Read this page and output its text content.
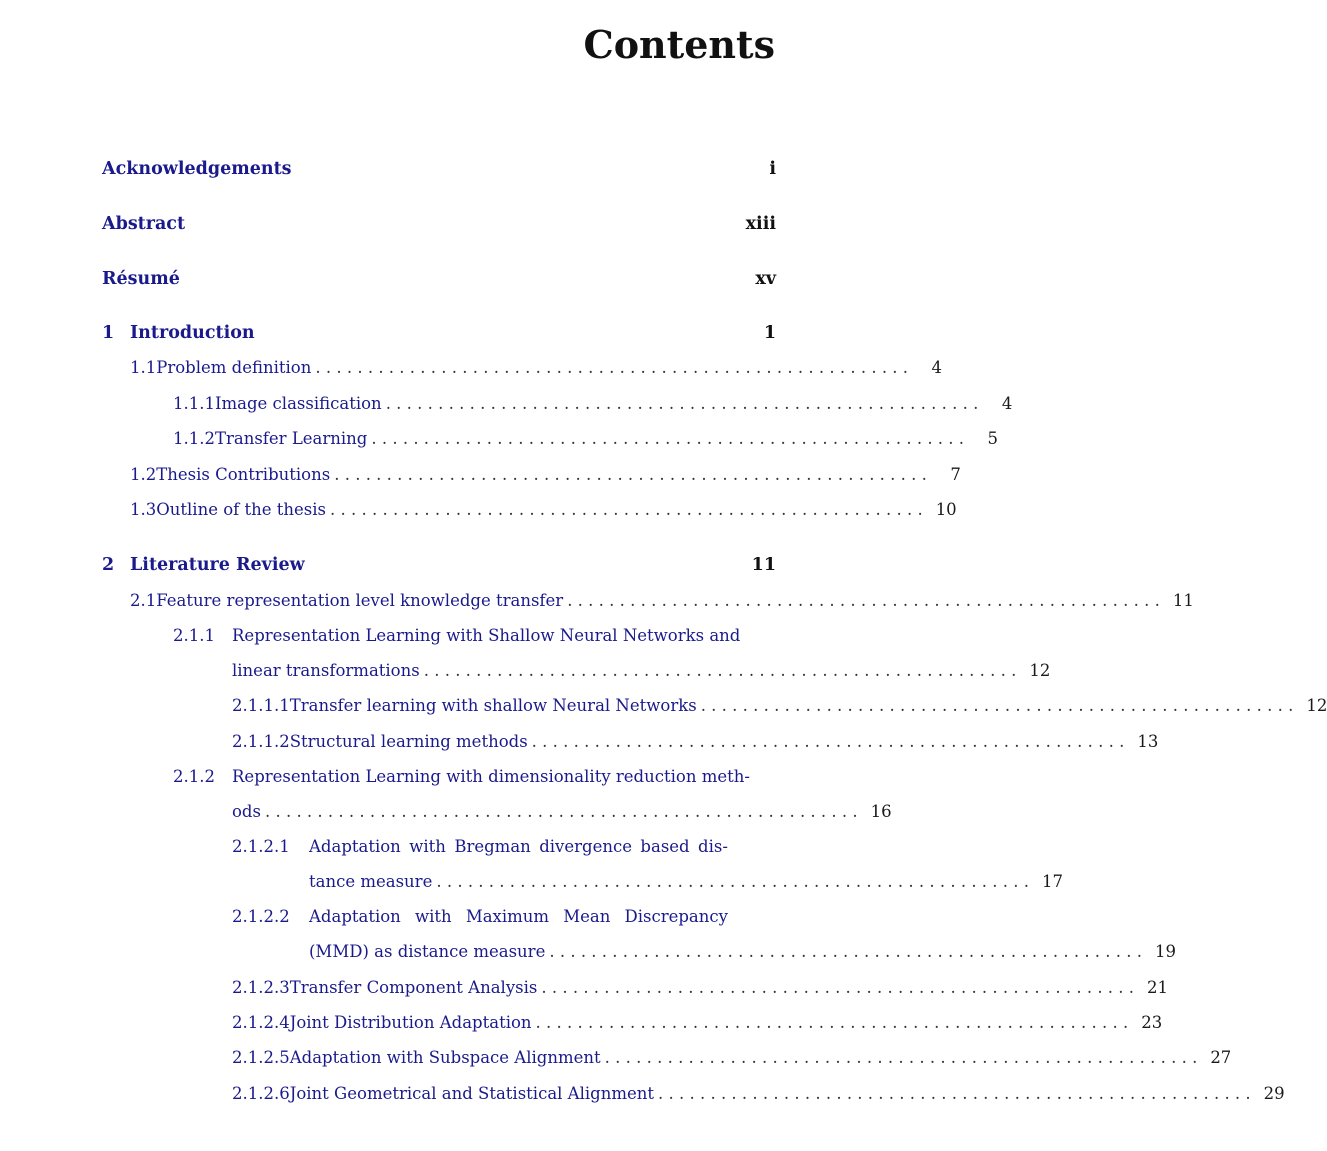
Contents
Acknowledgements	i
Abstract	xiii
Résumé	xv
1 Introduction	1
1.1 Problem definition . . . . . . . . . . . . . . . . . . . . . . . . . . . . . . . . . . . . . . . . . . . . . . . . . . . . . . . . .	4
1.1.1 Image classification . . . . . . . . . . . . . . . . . . . . . . . . . . . . . . . . . . . . . . . . . . . . . . . . . . . . . . . . .	4
1.1.2 Transfer Learning . . . . . . . . . . . . . . . . . . . . . . . . . . . . . . . . . . . . . . . . . . . . . . . . . . . . . . . . .	5
1.2 Thesis Contributions . . . . . . . . . . . . . . . . . . . . . . . . . . . . . . . . . . . . . . . . . . . . . . . . . . . . . . . . .	7
1.3 Outline of the thesis . . . . . . . . . . . . . . . . . . . . . . . . . . . . . . . . . . . . . . . . . . . . . . . . . . . . . . . . . 10
2 Literature Review	11
2.1 Feature representation level knowledge transfer . . . . . . . . . . . . . . . . . . . . . . . . . . . . . . . . . . . . . . . . . . . . . . . . . . . . . . . . . 11
2.1.1 Representation Learning with Shallow Neural Networks and
linear transformations . . . . . . . . . . . . . . . . . . . . . . . . . . . . . . . . . . . . . . . . . . . . . . . . . . . . . . . . . 12
2.1.1.1 Transfer learning with shallow Neural Networks . . . . . . . . . . . . . . . . . . . . . . . . . . . . . . . . . . . . . . . . . . . . . . . . . . . . . . . . . 12
2.1.1.2 Structural learning methods . . . . . . . . . . . . . . . . . . . . . . . . . . . . . . . . . . . . . . . . . . . . . . . . . . . . . . . . . 13
2.1.2 Representation Learning with dimensionality reduction meth-
ods . . . . . . . . . . . . . . . . . . . . . . . . . . . . . . . . . . . . . . . . . . . . . . . . . . . . . . . . . 16
2.1.2.1	Adaptation with Bregman divergence based dis-
tance measure . . . . . . . . . . . . . . . . . . . . . . . . . . . . . . . . . . . . . . . . . . . . . . . . . . . . . . . . . 17
2.1.2.2	Adaptation with Maximum Mean Discrepancy
(MMD) as distance measure . . . . . . . . . . . . . . . . . . . . . . . . . . . . . . . . . . . . . . . . . . . . . . . . . . . . . . . . . 19
2.1.2.3 Transfer Component Analysis . . . . . . . . . . . . . . . . . . . . . . . . . . . . . . . . . . . . . . . . . . . . . . . . . . . . . . . . . 21
2.1.2.4 Joint Distribution Adaptation . . . . . . . . . . . . . . . . . . . . . . . . . . . . . . . . . . . . . . . . . . . . . . . . . . . . . . . . . 23
2.1.2.5 Adaptation with Subspace Alignment . . . . . . . . . . . . . . . . . . . . . . . . . . . . . . . . . . . . . . . . . . . . . . . . . . . . . . . . . 27
2.1.2.6 Joint Geometrical and Statistical Alignment . . . . . . . . . . . . . . . . . . . . . . . . . . . . . . . . . . . . . . . . . . . . . . . . . . . . . . . . . 29
